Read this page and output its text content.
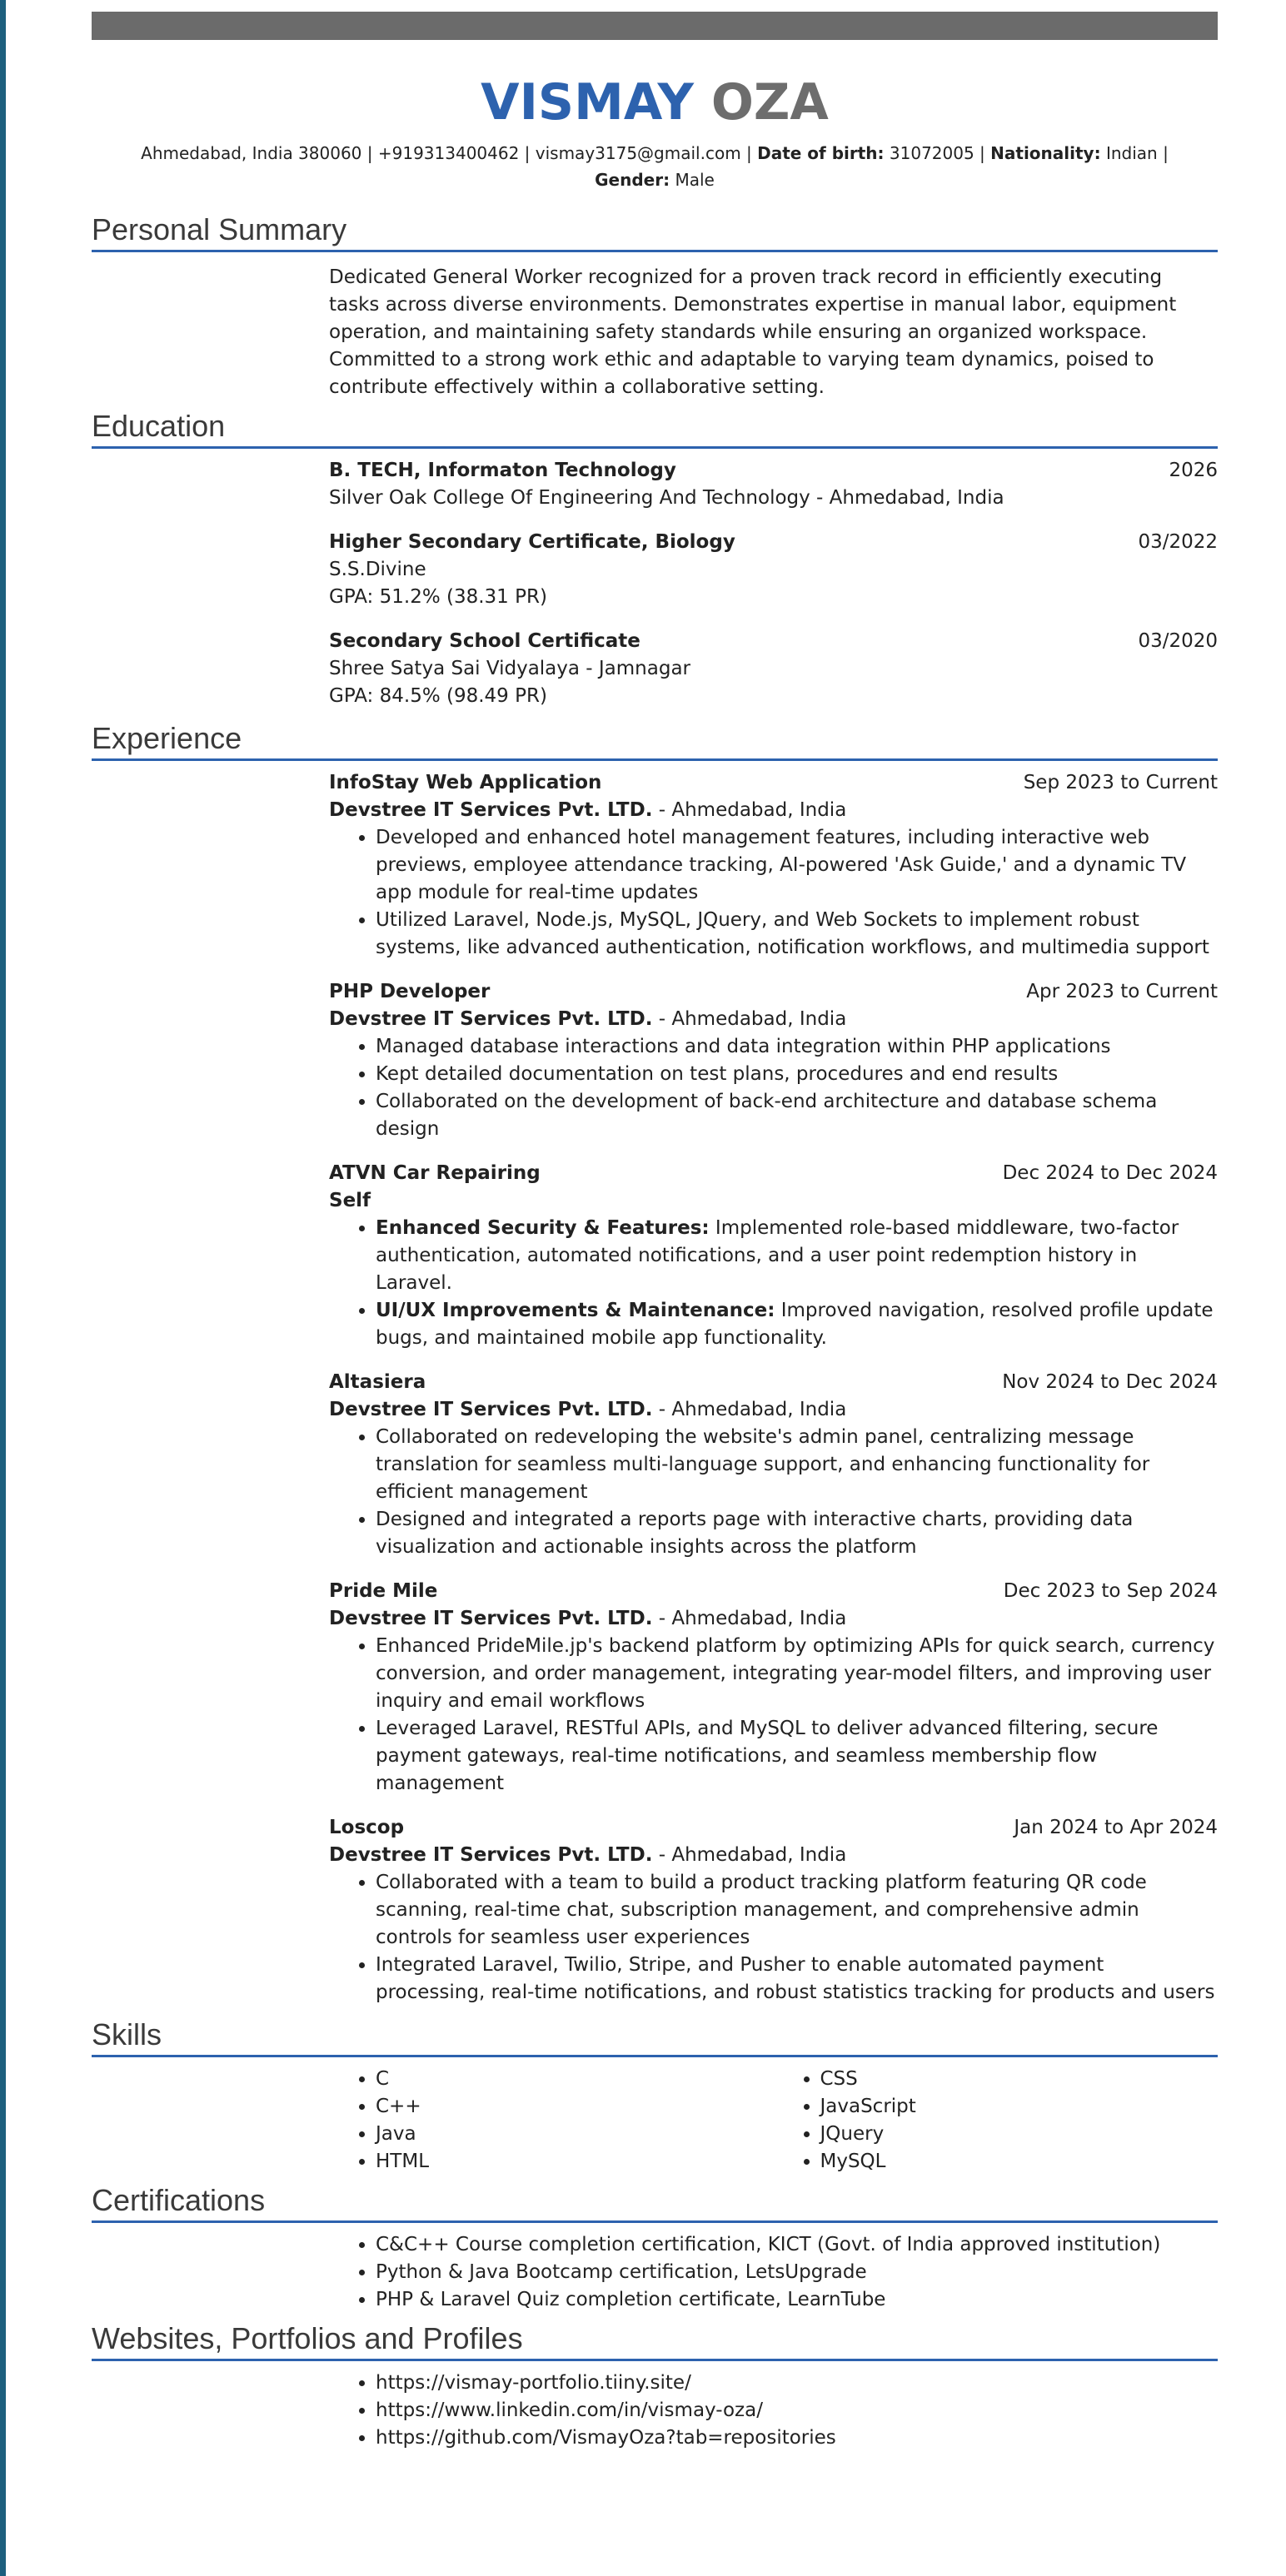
VISMAY OZA
Ahmedabad, India 380060 | +919313400462 | vismay3175@gmail.com | Date of birth: 31072005 | Nationality: Indian |
Gender: Male
Personal Summary

Dedicated General Worker recognized for a proven track record in efficiently executing tasks across diverse environments. Demonstrates expertise in manual labor, equipment operation, and maintaining safety standards while ensuring an organized workspace. Committed to a strong work ethic and adaptable to varying team dynamics, poised to contribute effectively within a collaborative setting.

Education
B. TECH, Informaton Technology	2026
Silver Oak College Of Engineering And Technology - Ahmedabad, India
Higher Secondary Certificate, Biology	03/2022
S.S.Divine
GPA: 51.2% (38.31 PR)
Secondary School Certificate	03/2020
Shree Satya Sai Vidyalaya - Jamnagar
GPA: 84.5% (98.49 PR)
Experience
InfoStay Web Application	Sep 2023 to Current
Devstree IT Services Pvt. LTD. - Ahmedabad, India
• Developed and enhanced hotel management features, including interactive web previews, employee attendance tracking, AI-powered 'Ask Guide,' and a dynamic TV app module for real-time updates
• Utilized Laravel, Node.js, MySQL, JQuery, and Web Sockets to implement robust systems, like advanced authentication, notification workflows, and multimedia support
PHP Developer	Apr 2023 to Current
Devstree IT Services Pvt. LTD. - Ahmedabad, India
• Managed database interactions and data integration within PHP applications
• Kept detailed documentation on test plans, procedures and end results
• Collaborated on the development of back-end architecture and database schema design
ATVN Car Repairing	Dec 2024 to Dec 2024
Self
• Enhanced Security & Features: Implemented role-based middleware, two-factor authentication, automated notifications, and a user point redemption history in Laravel.
• UI/UX Improvements & Maintenance: Improved navigation, resolved profile update bugs, and maintained mobile app functionality.
Altasiera	Nov 2024 to Dec 2024
Devstree IT Services Pvt. LTD. - Ahmedabad, India
• Collaborated on redeveloping the website's admin panel, centralizing message translation for seamless multi-language support, and enhancing functionality for efficient management
• Designed and integrated a reports page with interactive charts, providing data visualization and actionable insights across the platform
Pride Mile	Dec 2023 to Sep 2024
Devstree IT Services Pvt. LTD. - Ahmedabad, India
• Enhanced PrideMile.jp's backend platform by optimizing APIs for quick search, currency conversion, and order management, integrating year-model filters, and improving user inquiry and email workflows
• Leveraged Laravel, RESTful APIs, and MySQL to deliver advanced filtering, secure payment gateways, real-time notifications, and seamless membership flow management
Loscop	Jan 2024 to Apr 2024
Devstree IT Services Pvt. LTD. - Ahmedabad, India
• Collaborated with a team to build a product tracking platform featuring QR code scanning, real-time chat, subscription management, and comprehensive admin controls for seamless user experiences
• Integrated Laravel, Twilio, Stripe, and Pusher to enable automated payment processing, real-time notifications, and robust statistics tracking for products and users
Skills
• C
• C++
• Java
• HTML
• CSS
• JavaScript
• JQuery
• MySQL
Certifications
• C&C++ Course completion certification, KICT (Govt. of India approved institution)
• Python & Java Bootcamp certification, LetsUpgrade
• PHP & Laravel Quiz completion certificate, LearnTube
Websites, Portfolios and Profiles
• https://vismay-portfolio.tiiny.site/
• https://www.linkedin.com/in/vismay-oza/
• https://github.com/VismayOza?tab=repositories
